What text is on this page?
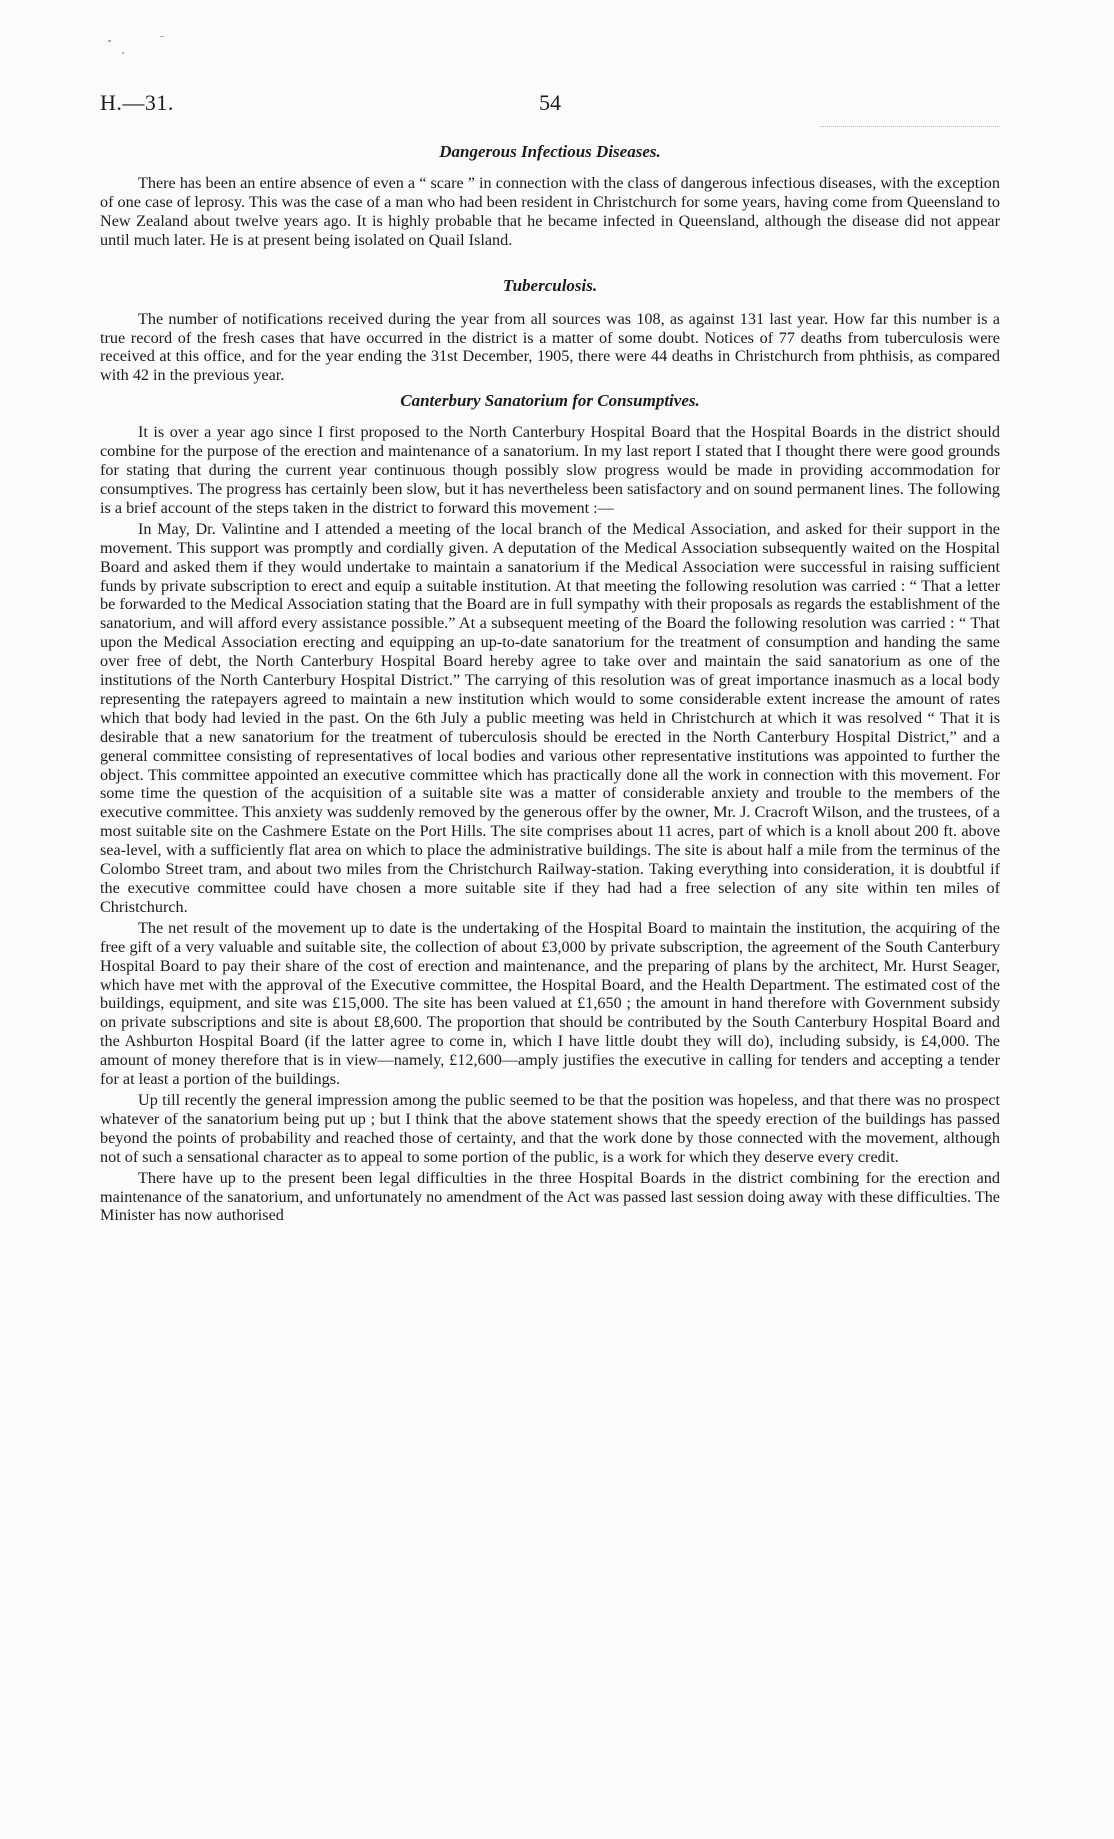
H.—31.	54
Dangerous Infectious Diseases.

There has been an entire absence of even a “ scare ” in connection with the class of dangerous infectious diseases, with the exception of one case of leprosy. This was the case of a man who had been resident in Christchurch for some years, having come from Queensland to New Zealand about twelve years ago. It is highly probable that he became infected in Queensland, although the disease did not appear until much later. He is at present being isolated on Quail Island.

Tuberculosis.

The number of notifications received during the year from all sources was 108, as against 131 last year. How far this number is a true record of the fresh cases that have occurred in the district is a matter of some doubt. Notices of 77 deaths from tuberculosis were received at this office, and for the year ending the 31st December, 1905, there were 44 deaths in Christchurch from phthisis, as compared with 42 in the previous year.

Canterbury Sanatorium for Consumptives.

It is over a year ago since I first proposed to the North Canterbury Hospital Board that the Hospital Boards in the district should combine for the purpose of the erection and maintenance of a sanatorium. In my last report I stated that I thought there were good grounds for stating that during the current year continuous though possibly slow progress would be made in providing accommodation for consumptives. The progress has certainly been slow, but it has nevertheless been satisfactory and on sound permanent lines. The following is a brief account of the steps taken in the district to forward this movement :—

In May, Dr. Valintine and I attended a meeting of the local branch of the Medical Association, and asked for their support in the movement. This support was promptly and cordially given. A deputation of the Medical Association subsequently waited on the Hospital Board and asked them if they would undertake to maintain a sanatorium if the Medical Association were successful in raising sufficient funds by private subscription to erect and equip a suitable institution. At that meeting the following resolution was carried : “ That a letter be forwarded to the Medical Association stating that the Board are in full sympathy with their proposals as regards the establishment of the sanatorium, and will afford every assistance possible.” At a subsequent meeting of the Board the following resolution was carried : “ That upon the Medical Association erecting and equipping an up-to-date sanatorium for the treatment of consumption and handing the same over free of debt, the North Canterbury Hospital Board hereby agree to take over and maintain the said sanatorium as one of the institutions of the North Canterbury Hospital District.” The carrying of this resolution was of great importance inasmuch as a local body representing the ratepayers agreed to maintain a new institution which would to some considerable extent increase the amount of rates which that body had levied in the past. On the 6th July a public meeting was held in Christchurch at which it was resolved “ That it is desirable that a new sanatorium for the treatment of tuberculosis should be erected in the North Canterbury Hospital District,” and a general committee consisting of representatives of local bodies and various other representative institutions was appointed to further the object. This committee appointed an executive committee which has practically done all the work in connection with this movement. For some time the question of the acquisition of a suitable site was a matter of considerable anxiety and trouble to the members of the executive committee. This anxiety was suddenly removed by the generous offer by the owner, Mr. J. Cracroft Wilson, and the trustees, of a most suitable site on the Cashmere Estate on the Port Hills. The site comprises about 11 acres, part of which is a knoll about 200 ft. above sea-level, with a sufficiently flat area on which to place the administrative buildings. The site is about half a mile from the terminus of the Colombo Street tram, and about two miles from the Christchurch Railway-station. Taking everything into consideration, it is doubtful if the executive committee could have chosen a more suitable site if they had had a free selection of any site within ten miles of Christchurch.

The net result of the movement up to date is the undertaking of the Hospital Board to maintain the institution, the acquiring of the free gift of a very valuable and suitable site, the collection of about £3,000 by private subscription, the agreement of the South Canterbury Hospital Board to pay their share of the cost of erection and maintenance, and the preparing of plans by the architect, Mr. Hurst Seager, which have met with the approval of the Executive committee, the Hospital Board, and the Health Department. The estimated cost of the buildings, equipment, and site was £15,000. The site has been valued at £1,650 ; the amount in hand therefore with Government subsidy on private subscriptions and site is about £8,600. The proportion that should be contributed by the South Canterbury Hospital Board and the Ashburton Hospital Board (if the latter agree to come in, which I have little doubt they will do), including subsidy, is £4,000. The amount of money therefore that is in view—namely, £12,600—amply justifies the executive in calling for tenders and accepting a tender for at least a portion of the buildings.

Up till recently the general impression among the public seemed to be that the position was hopeless, and that there was no prospect whatever of the sanatorium being put up ; but I think that the above statement shows that the speedy erection of the buildings has passed beyond the points of probability and reached those of certainty, and that the work done by those connected with the movement, although not of such a sensational character as to appeal to some portion of the public, is a work for which they deserve every credit.

There have up to the present been legal difficulties in the three Hospital Boards in the district combining for the erection and maintenance of the sanatorium, and unfortunately no amendment of the Act was passed last session doing away with these difficulties. The Minister has now authorised
